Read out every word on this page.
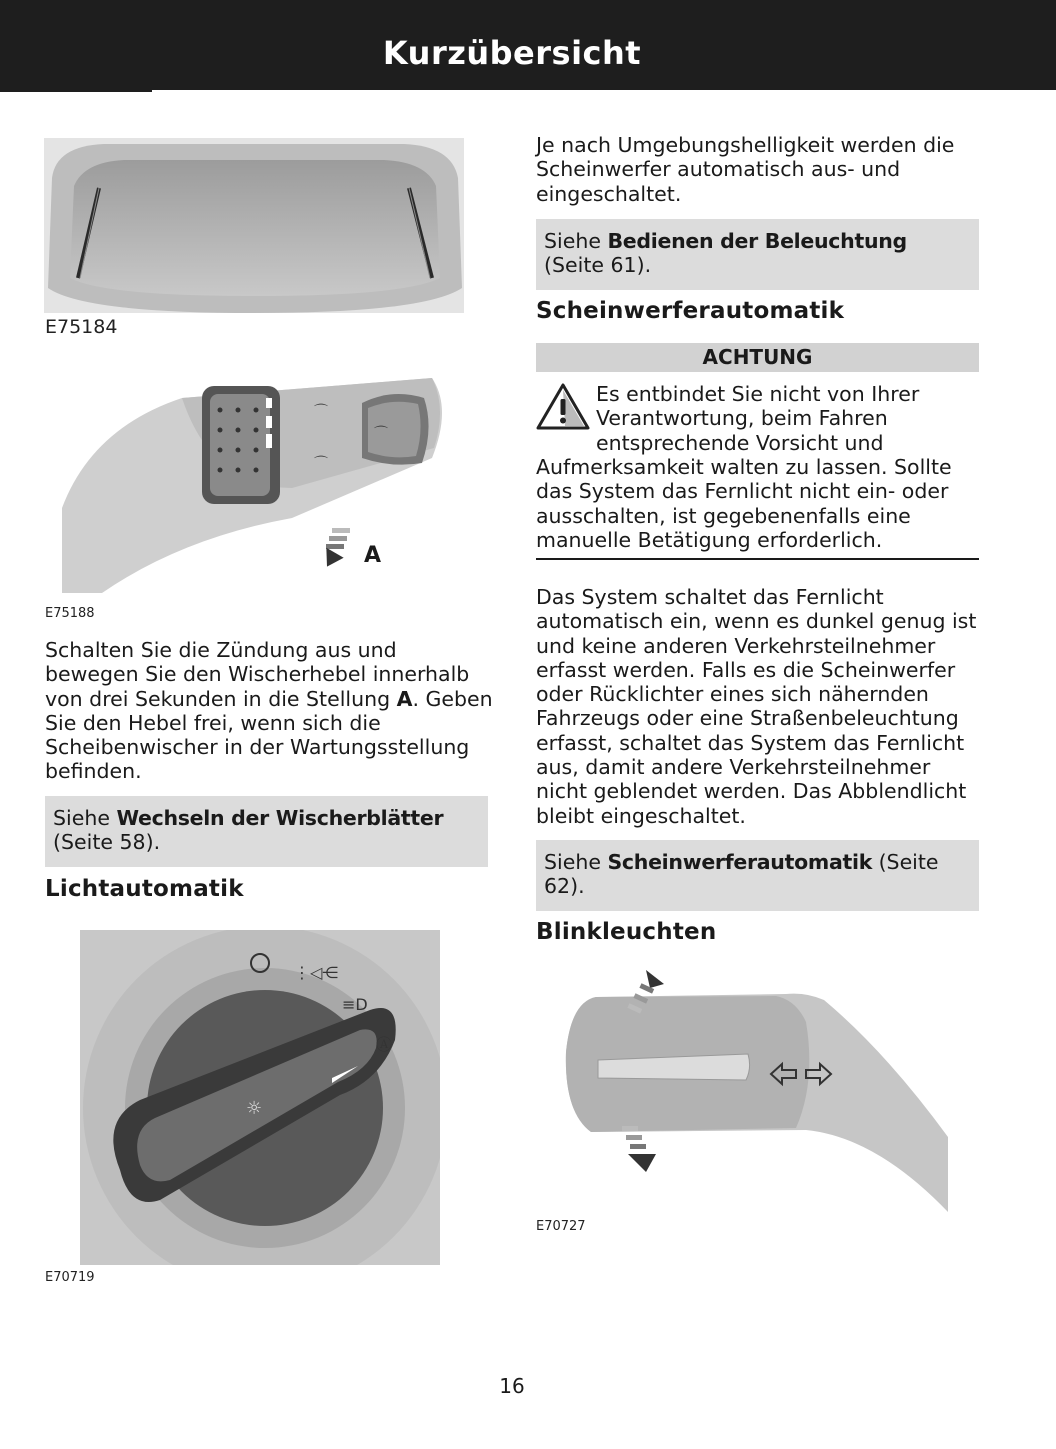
Kurzübersicht
E75184
⌒
⌒
⌒
A
E75188
Schalten Sie die Zündung aus und bewegen Sie den Wischerhebel innerhalb von drei Sekunden in die Stellung A. Geben Sie den Hebel frei, wenn sich die Scheibenwischer in der Wartungsstellung befinden.
Siehe Wechseln der Wischerblätter (Seite 58).
Lichtautomatik
⋮◁⋲
≡D
Ⓐ
☼
E70719
Je nach Umgebungshelligkeit werden die Scheinwerfer automatisch aus- und eingeschaltet.
Siehe Bedienen der Beleuchtung (Seite 61).
Scheinwerferautomatik
ACHTUNG
Es entbindet Sie nicht von Ihrer
Verantwortung, beim Fahren
entsprechende Vorsicht und
Aufmerksamkeit walten zu lassen. Sollte das System das Fernlicht nicht ein- oder ausschalten, ist gegebenenfalls eine manuelle Betätigung erforderlich.
Das System schaltet das Fernlicht automatisch ein, wenn es dunkel genug ist und keine anderen Verkehrsteilnehmer erfasst werden. Falls es die Scheinwerfer oder Rücklichter eines sich nähernden Fahrzeugs oder eine Straßenbeleuchtung erfasst, schaltet das System das Fernlicht aus, damit andere Verkehrsteilnehmer nicht geblendet werden. Das Abblendlicht bleibt eingeschaltet.
Siehe Scheinwerferautomatik (Seite 62).
Blinkleuchten
E70727
16
